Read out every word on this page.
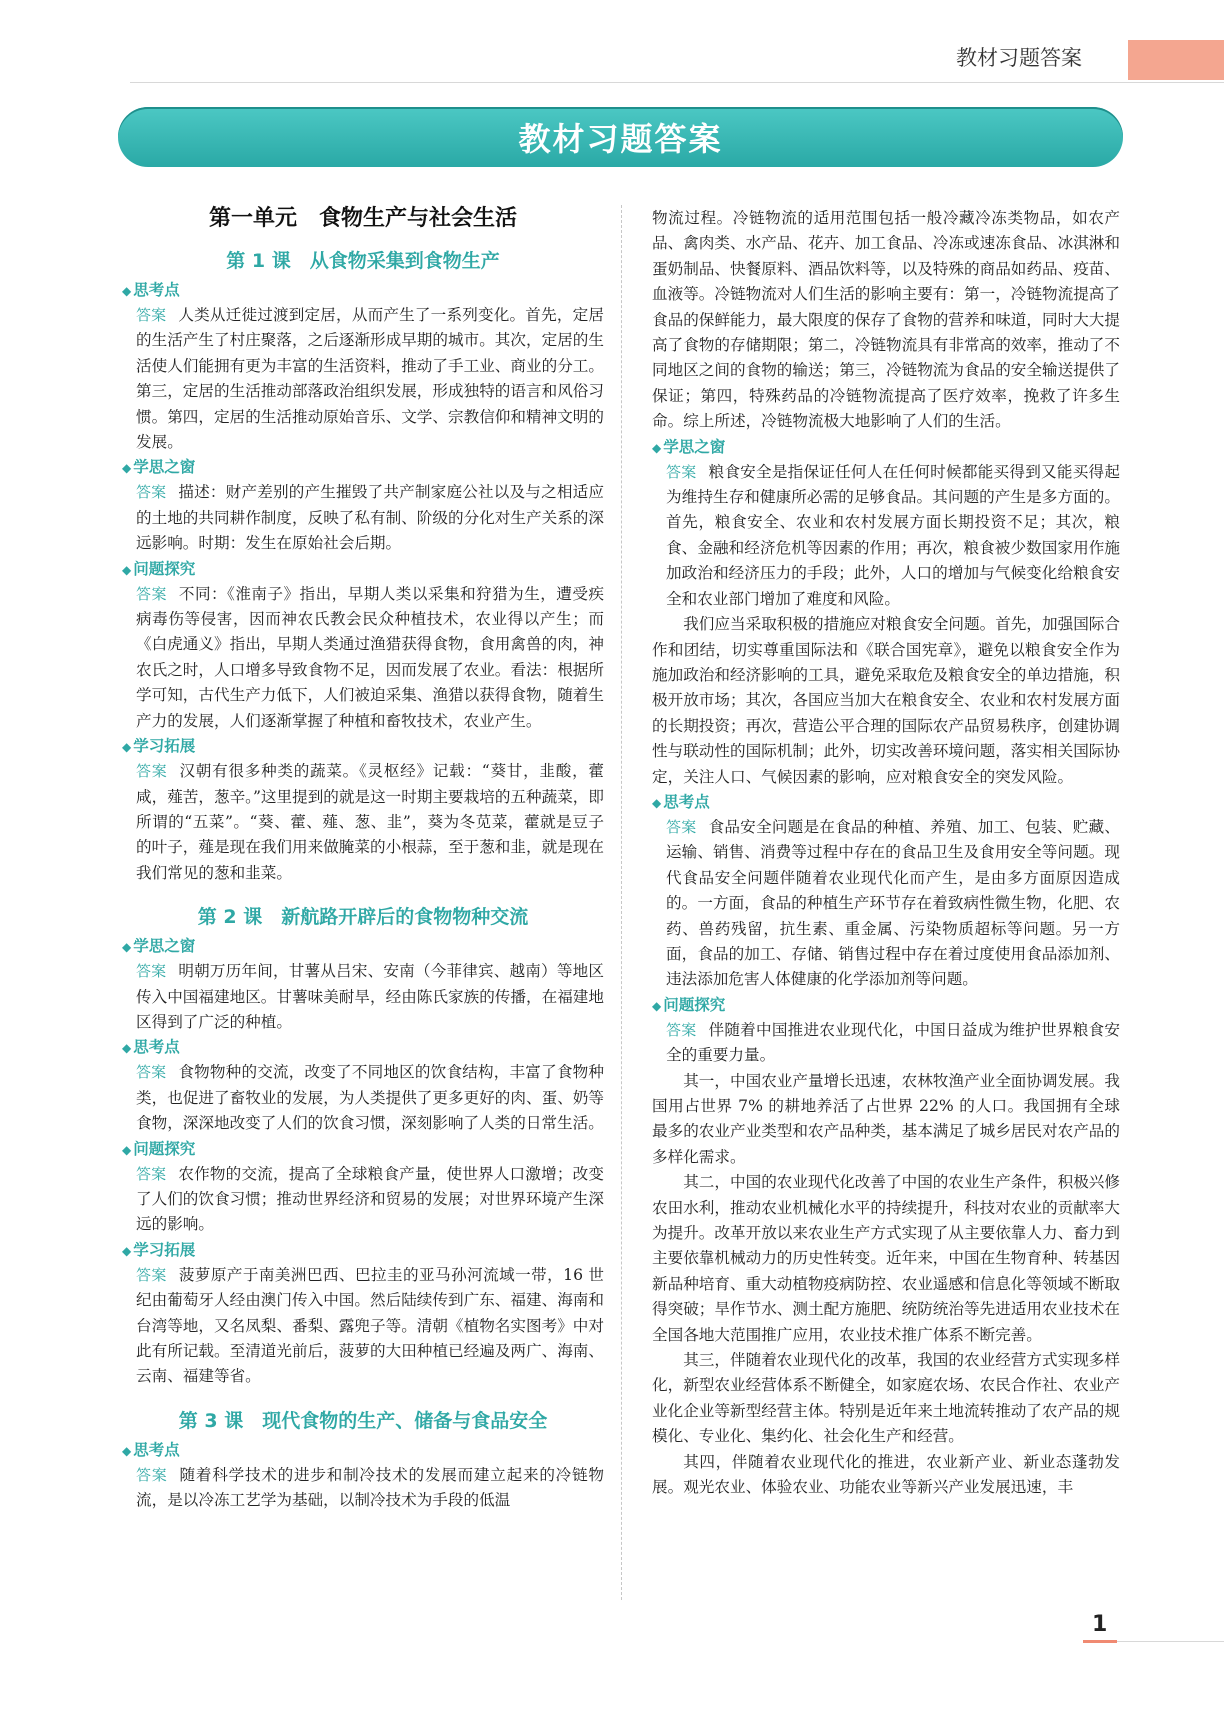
教材习题答案
教材习题答案
第一单元　食物生产与社会生活
第 1 课　从食物采集到食物生产
◆ 思考点

答案 人类从迁徙过渡到定居，从而产生了一系列变化。首先，定居的生活产生了村庄聚落，之后逐渐形成早期的城市。其次，定居的生活使人们能拥有更为丰富的生活资料，推动了手工业、商业的分工。第三，定居的生活推动部落政治组织发展，形成独特的语言和风俗习惯。第四，定居的生活推动原始音乐、文学、宗教信仰和精神文明的发展。

◆ 学思之窗

答案 描述：财产差别的产生摧毁了共产制家庭公社以及与之相适应的土地的共同耕作制度，反映了私有制、阶级的分化对生产关系的深远影响。时期：发生在原始社会后期。

◆ 问题探究

答案 不同：《淮南子》指出，早期人类以采集和狩猎为生，遭受疾病毒伤等侵害，因而神农氏教会民众种植技术，农业得以产生；而《白虎通义》指出，早期人类通过渔猎获得食物，食用禽兽的肉，神农氏之时，人口增多导致食物不足，因而发展了农业。看法：根据所学可知，古代生产力低下，人们被迫采集、渔猎以获得食物，随着生产力的发展，人们逐渐掌握了种植和畜牧技术，农业产生。

◆ 学习拓展

答案 汉朝有很多种类的蔬菜。《灵枢经》记载：“葵甘，韭酸，藿咸，薤苦，葱辛。”这里提到的就是这一时期主要栽培的五种蔬菜，即所谓的“五菜”。“葵、藿、薤、葱、韭”，葵为冬苋菜，藿就是豆子的叶子，薤是现在我们用来做腌菜的小根蒜，至于葱和韭，就是现在我们常见的葱和韭菜。

第 2 课　新航路开辟后的食物物种交流
◆ 学思之窗

答案 明朝万历年间，甘薯从吕宋、安南（今菲律宾、越南）等地区传入中国福建地区。甘薯味美耐旱，经由陈氏家族的传播，在福建地区得到了广泛的种植。

◆ 思考点

答案 食物物种的交流，改变了不同地区的饮食结构，丰富了食物种类，也促进了畜牧业的发展，为人类提供了更多更好的肉、蛋、奶等食物，深深地改变了人们的饮食习惯，深刻影响了人类的日常生活。

◆ 问题探究

答案 农作物的交流，提高了全球粮食产量，使世界人口激增；改变了人们的饮食习惯；推动世界经济和贸易的发展；对世界环境产生深远的影响。

◆ 学习拓展

答案 菠萝原产于南美洲巴西、巴拉圭的亚马孙河流域一带，16 世纪由葡萄牙人经由澳门传入中国。然后陆续传到广东、福建、海南和台湾等地，又名凤梨、番梨、露兜子等。清朝《植物名实图考》中对此有所记载。至清道光前后，菠萝的大田种植已经遍及两广、海南、云南、福建等省。

第 3 课　现代食物的生产、储备与食品安全
◆ 思考点

答案 随着科学技术的进步和制冷技术的发展而建立起来的冷链物流，是以冷冻工艺学为基础，以制冷技术为手段的低温

物流过程。冷链物流的适用范围包括一般冷藏冷冻类物品，如农产品、禽肉类、水产品、花卉、加工食品、冷冻或速冻食品、冰淇淋和蛋奶制品、快餐原料、酒品饮料等，以及特殊的商品如药品、疫苗、血液等。冷链物流对人们生活的影响主要有：第一，冷链物流提高了食品的保鲜能力，最大限度的保存了食物的营养和味道，同时大大提高了食物的存储期限；第二，冷链物流具有非常高的效率，推动了不同地区之间的食物的输送；第三，冷链物流为食品的安全输送提供了保证；第四，特殊药品的冷链物流提高了医疗效率，挽救了许多生命。综上所述，冷链物流极大地影响了人们的生活。

◆ 学思之窗

答案 粮食安全是指保证任何人在任何时候都能买得到又能买得起为维持生存和健康所必需的足够食品。其问题的产生是多方面的。首先，粮食安全、农业和农村发展方面长期投资不足；其次，粮食、金融和经济危机等因素的作用；再次，粮食被少数国家用作施加政治和经济压力的手段；此外，人口的增加与气候变化给粮食安全和农业部门增加了难度和风险。

我们应当采取积极的措施应对粮食安全问题。首先，加强国际合作和团结，切实尊重国际法和《联合国宪章》，避免以粮食安全作为施加政治和经济影响的工具，避免采取危及粮食安全的单边措施，积极开放市场；其次，各国应当加大在粮食安全、农业和农村发展方面的长期投资；再次，营造公平合理的国际农产品贸易秩序，创建协调性与联动性的国际机制；此外，切实改善环境问题，落实相关国际协定，关注人口、气候因素的影响，应对粮食安全的突发风险。

◆ 思考点

答案 食品安全问题是在食品的种植、养殖、加工、包装、贮藏、运输、销售、消费等过程中存在的食品卫生及食用安全等问题。现代食品安全问题伴随着农业现代化而产生，是由多方面原因造成的。一方面，食品的种植生产环节存在着致病性微生物，化肥、农药、兽药残留，抗生素、重金属、污染物质超标等问题。另一方面，食品的加工、存储、销售过程中存在着过度使用食品添加剂、违法添加危害人体健康的化学添加剂等问题。

◆ 问题探究

答案 伴随着中国推进农业现代化，中国日益成为维护世界粮食安全的重要力量。

其一，中国农业产量增长迅速，农林牧渔产业全面协调发展。我国用占世界 7% 的耕地养活了占世界 22% 的人口。我国拥有全球最多的农业产业类型和农产品种类，基本满足了城乡居民对农产品的多样化需求。

其二，中国的农业现代化改善了中国的农业生产条件，积极兴修农田水利，推动农业机械化水平的持续提升，科技对农业的贡献率大为提升。改革开放以来农业生产方式实现了从主要依靠人力、畜力到主要依靠机械动力的历史性转变。近年来，中国在生物育种、转基因新品种培育、重大动植物疫病防控、农业遥感和信息化等领域不断取得突破；旱作节水、测土配方施肥、统防统治等先进适用农业技术在全国各地大范围推广应用，农业技术推广体系不断完善。

其三，伴随着农业现代化的改革，我国的农业经营方式实现多样化，新型农业经营体系不断健全，如家庭农场、农民合作社、农业产业化企业等新型经营主体。特别是近年来土地流转推动了农产品的规模化、专业化、集约化、社会化生产和经营。

其四，伴随着农业现代化的推进，农业新产业、新业态蓬勃发展。观光农业、体验农业、功能农业等新兴产业发展迅速，丰

1
